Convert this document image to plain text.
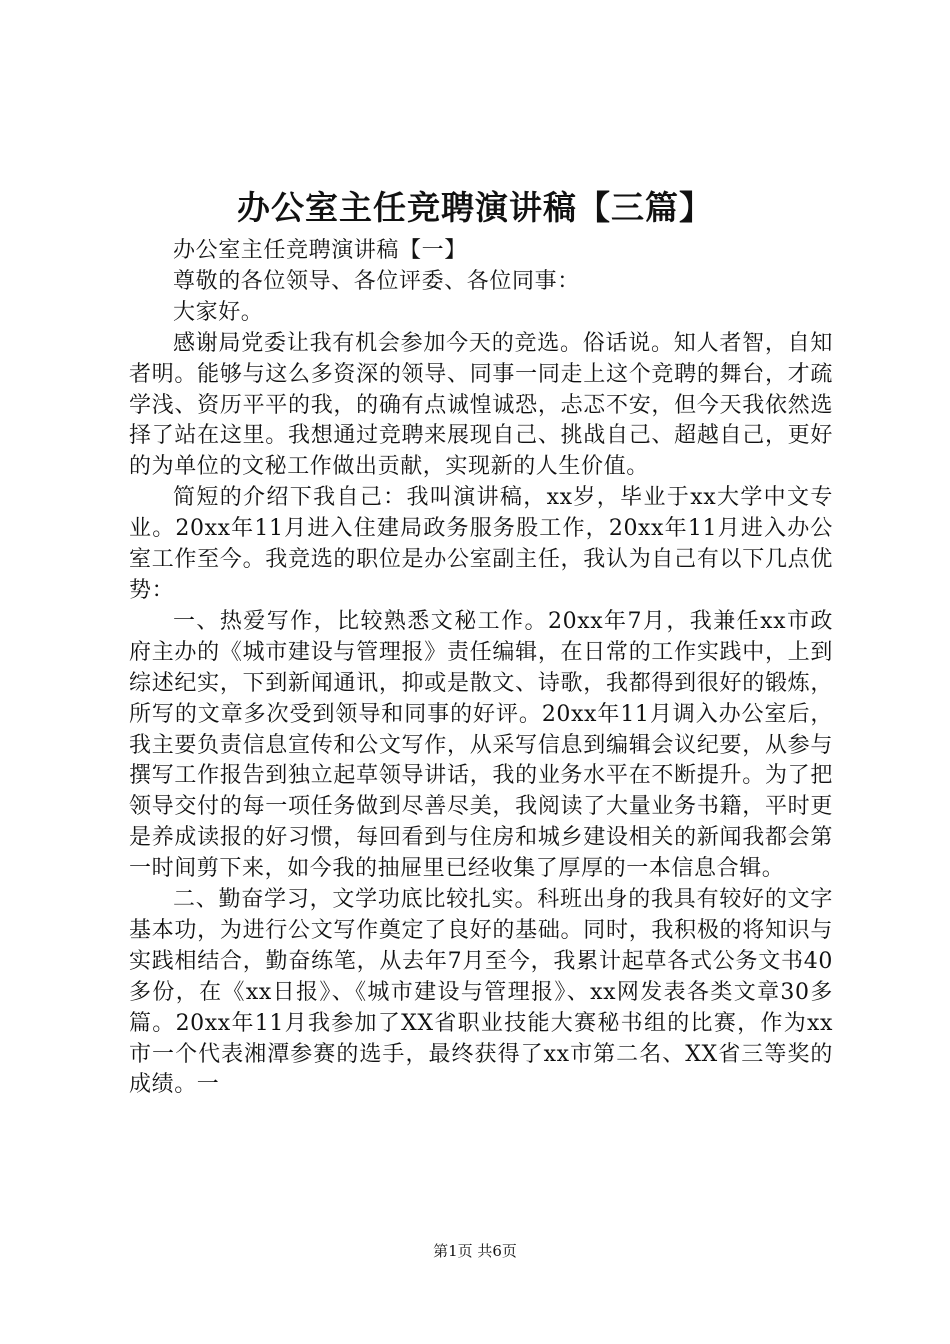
办公室主任竞聘演讲稿【三篇】

办公室主任竞聘演讲稿【一】

尊敬的各位领导、各位评委、各位同事：

大家好。

感谢局党委让我有机会参加今天的竞选。俗话说。知人者智，自知者明。能够与这么多资深的领导、同事一同走上这个竞聘的舞台，才疏学浅、资历平平的我，的确有点诚惶诚恐，忐忑不安，但今天我依然选择了站在这里。我想通过竞聘来展现自己、挑战自己、超越自己，更好的为单位的文秘工作做出贡献，实现新的人生价值。

简短的介绍下我自己：我叫演讲稿，xx岁，毕业于xx大学中文专业。20xx年11月进入住建局政务服务股工作，20xx年11月进入办公室工作至今。我竞选的职位是办公室副主任，我认为自己有以下几点优势：

一、热爱写作，比较熟悉文秘工作。20xx年7月，我兼任xx市政府主办的《城市建设与管理报》责任编辑，在日常的工作实践中，上到综述纪实，下到新闻通讯，抑或是散文、诗歌，我都得到很好的锻炼，所写的文章多次受到领导和同事的好评。20xx年11月调入办公室后，我主要负责信息宣传和公文写作，从采写信息到编辑会议纪要，从参与撰写工作报告到独立起草领导讲话，我的业务水平在不断提升。为了把领导交付的每一项任务做到尽善尽美，我阅读了大量业务书籍，平时更是养成读报的好习惯，每回看到与住房和城乡建设相关的新闻我都会第一时间剪下来，如今我的抽屉里已经收集了厚厚的一本信息合辑。

二、勤奋学习，文学功底比较扎实。科班出身的我具有较好的文字基本功，为进行公文写作奠定了良好的基础。同时，我积极的将知识与实践相结合，勤奋练笔，从去年7月至今，我累计起草各式公务文书40多份，在《xx日报》、《城市建设与管理报》、xx网发表各类文章30多篇。20xx年11月我参加了XX省职业技能大赛秘书组的比赛，作为xx市一个代表湘潭参赛的选手，最终获得了xx市第二名、XX省三等奖的成绩。一

第1页 共6页
